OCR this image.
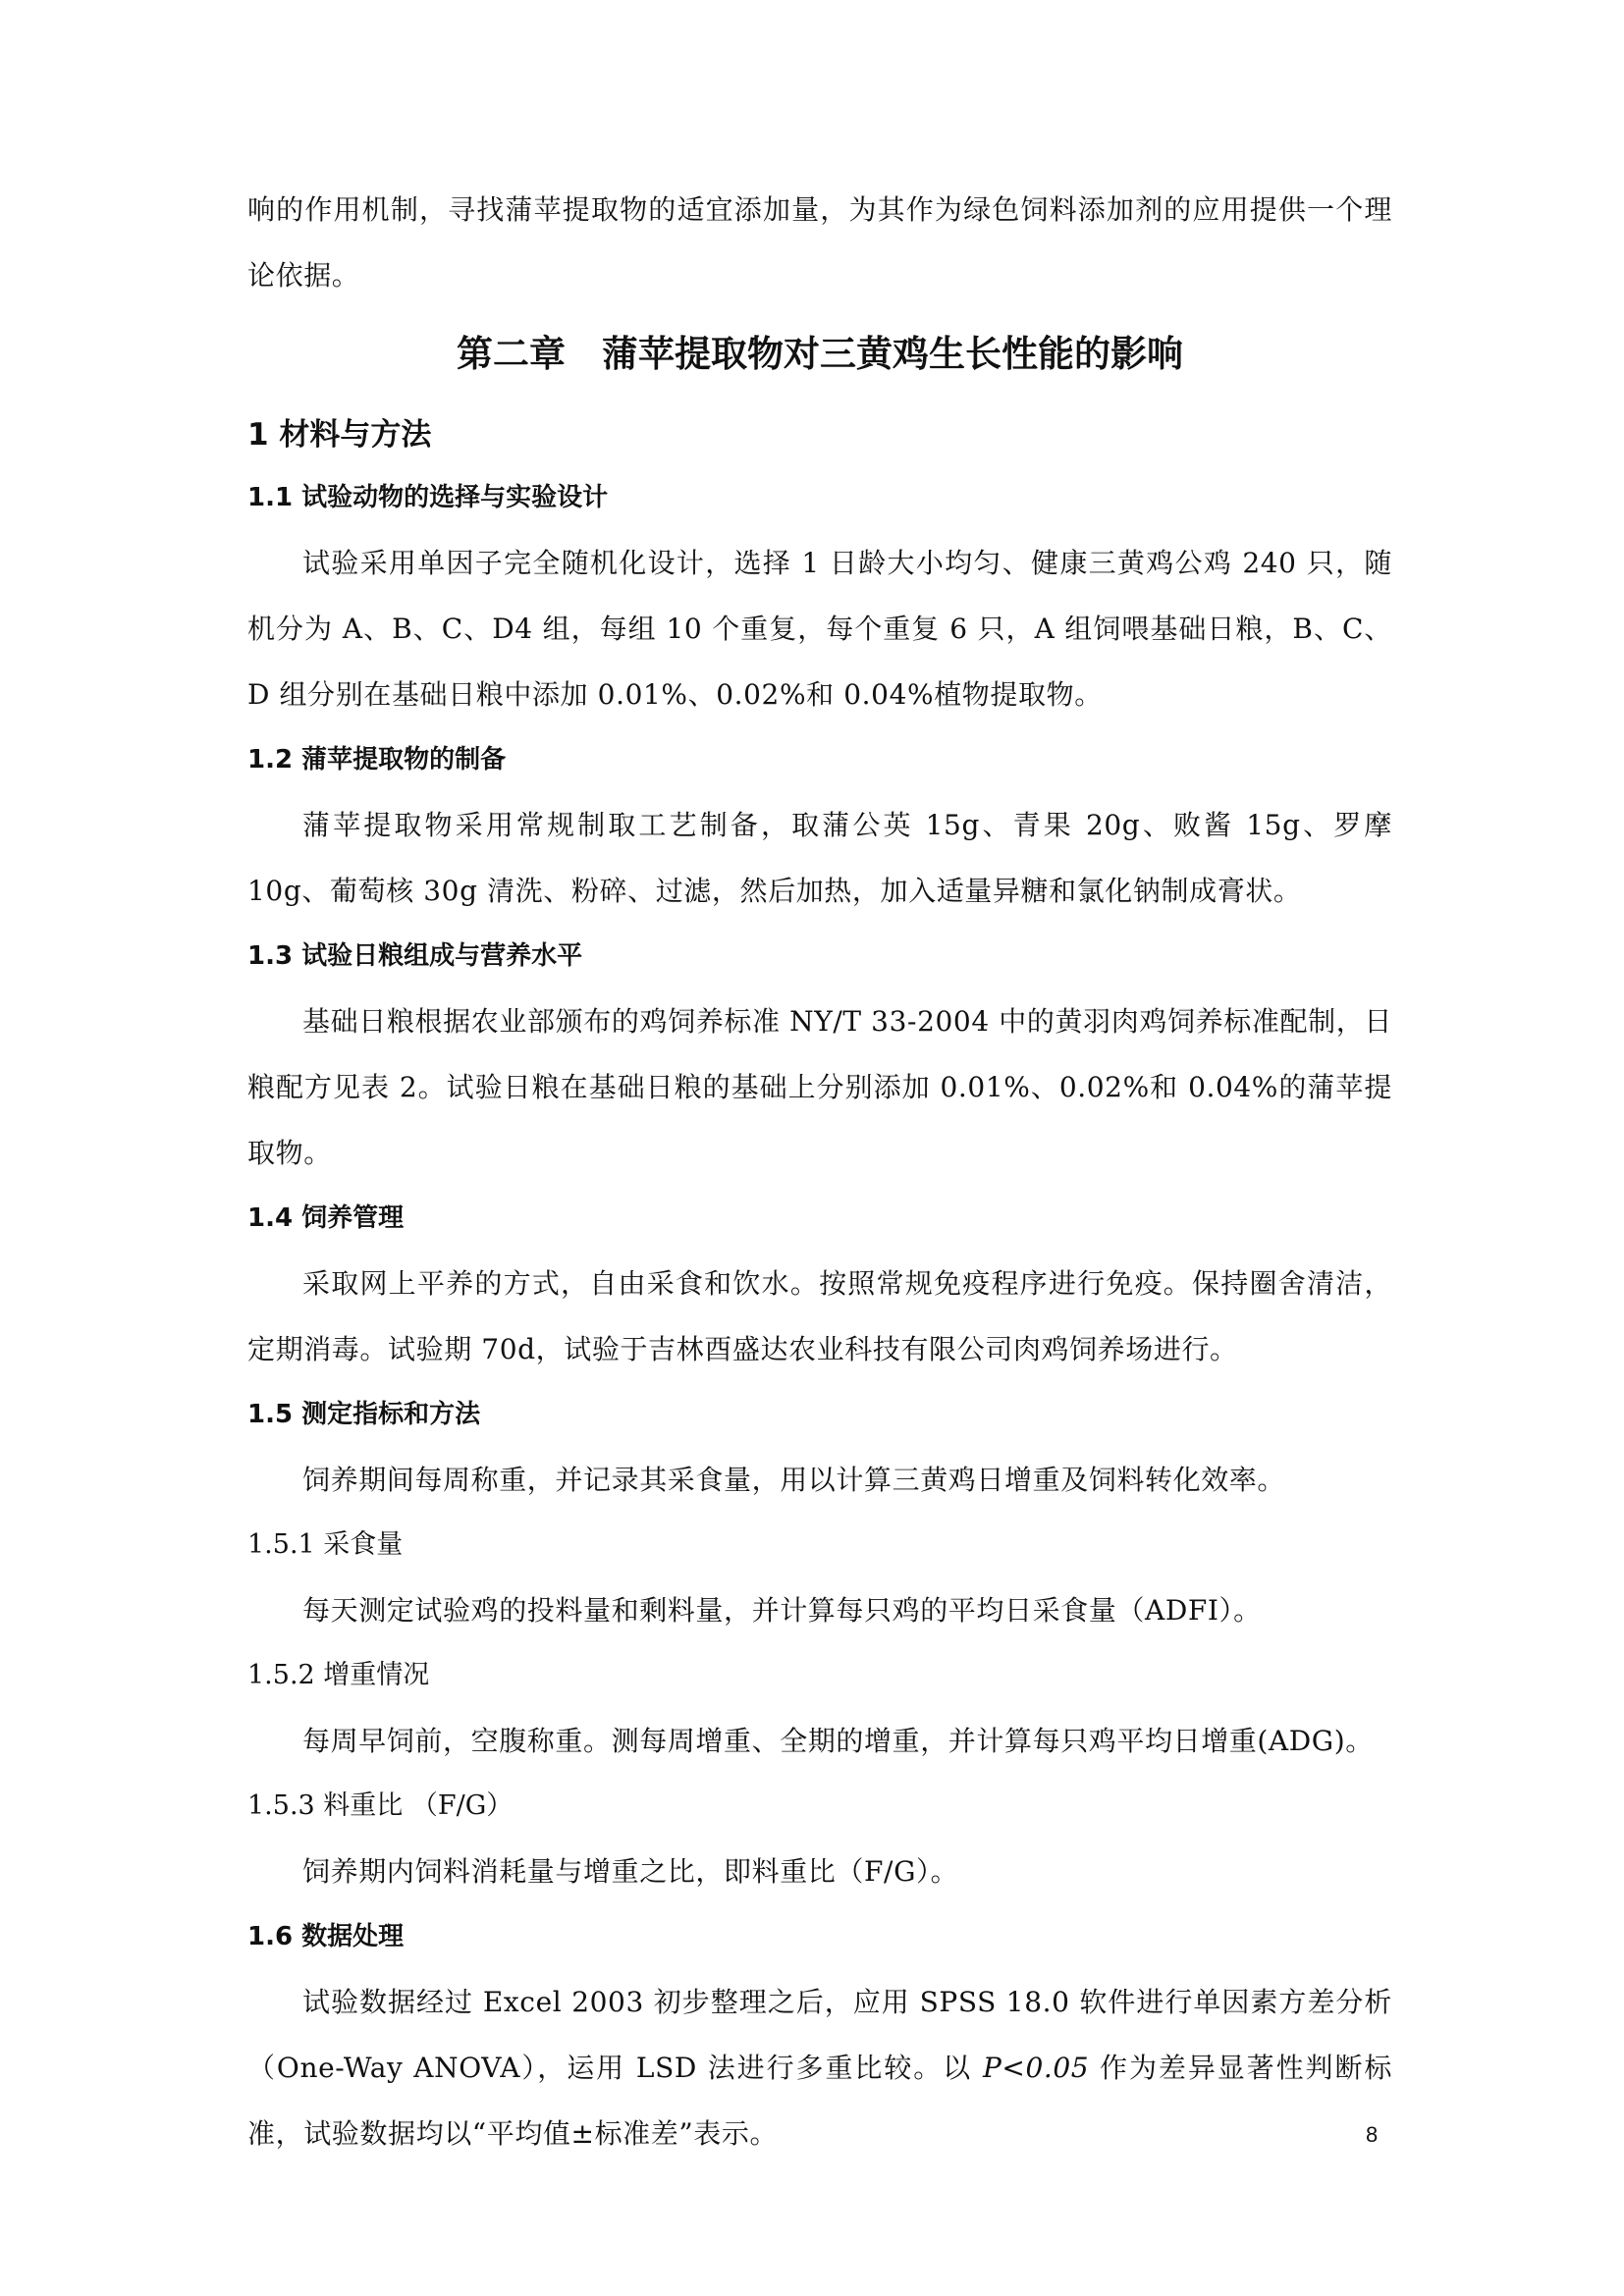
响的作用机制，寻找蒲苹提取物的适宜添加量，为其作为绿色饲料添加剂的应用提供一个理论依据。

第二章　蒲苹提取物对三黄鸡生长性能的影响
1 材料与方法
1.1 试验动物的选择与实验设计

试验采用单因子完全随机化设计，选择 1 日龄大小均匀、健康三黄鸡公鸡 240 只，随机分为 A、B、C、D4 组，每组 10 个重复，每个重复 6 只，A 组饲喂基础日粮，B、C、D 组分别在基础日粮中添加 0.01%、0.02%和 0.04%植物提取物。

1.2 蒲苹提取物的制备

蒲苹提取物采用常规制取工艺制备，取蒲公英 15g、青果 20g、败酱 15g、罗摩 10g、葡萄核 30g 清洗、粉碎、过滤，然后加热，加入适量异糖和氯化钠制成膏状。

1.3 试验日粮组成与营养水平

基础日粮根据农业部颁布的鸡饲养标准 NY/T 33-2004 中的黄羽肉鸡饲养标准配制，日粮配方见表 2。试验日粮在基础日粮的基础上分别添加 0.01%、0.02%和 0.04%的蒲苹提取物。

1.4 饲养管理

采取网上平养的方式，自由采食和饮水。按照常规免疫程序进行免疫。保持圈舍清洁，定期消毒。试验期 70d，试验于吉林酉盛达农业科技有限公司肉鸡饲养场进行。

1.5 测定指标和方法

饲养期间每周称重，并记录其采食量，用以计算三黄鸡日增重及饲料转化效率。

1.5.1 采食量

每天测定试验鸡的投料量和剩料量，并计算每只鸡的平均日采食量（ADFI）。

1.5.2 增重情况

每周早饲前，空腹称重。测每周增重、全期的增重，并计算每只鸡平均日增重(ADG)。

1.5.3 料重比 （F/G）

饲养期内饲料消耗量与增重之比，即料重比（F/G）。

1.6 数据处理

试验数据经过 Excel 2003 初步整理之后，应用 SPSS 18.0 软件进行单因素方差分析（One-Way ANOVA），运用 LSD 法进行多重比较。以 P<0.05 作为差异显著性判断标准，试验数据均以“平均值±标准差”表示。	8
